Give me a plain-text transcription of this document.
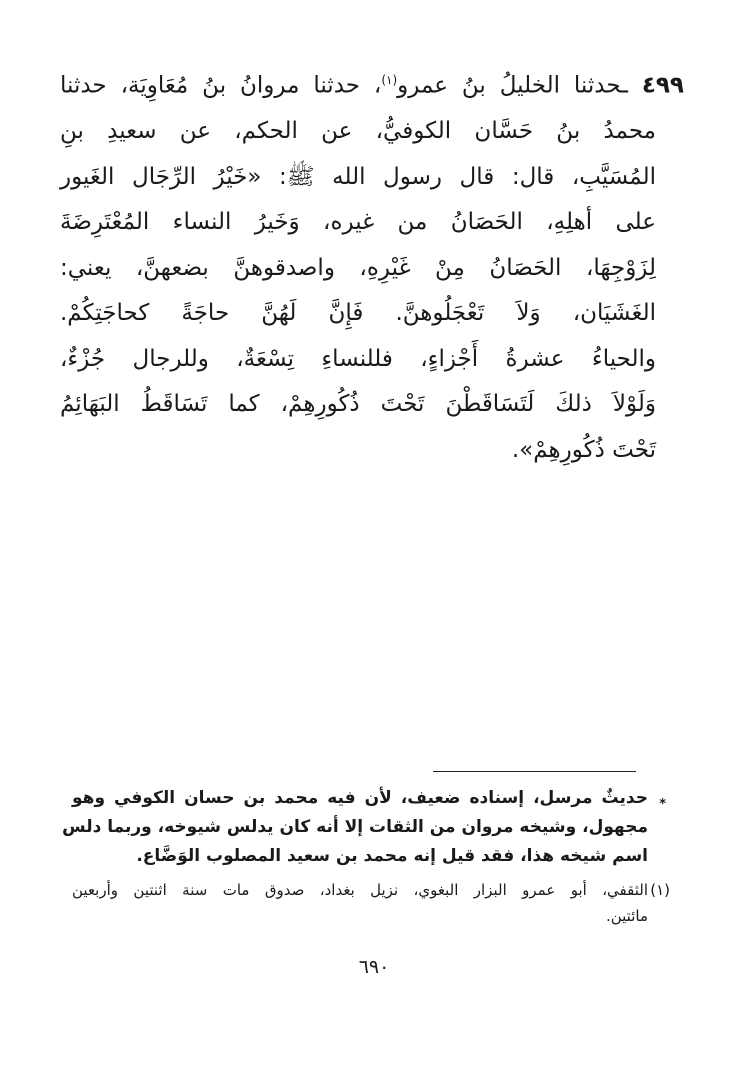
٤٩٩ ـحدثنا الخليلُ بنُ عمرو$^{(١)}$، حدثنا مروانُ بنُ مُعَاوِيَة، حدثنا
محمدُ بنُ حَسَّان الكوفيُّ، عن الحكم، عن سعيدِ بنِ
المُسَيَّبِ، قال: قال رسول الله ﷺ: «خَيْرُ الرِّجَال الغَيور
على أهلِهِ، الحَصَانُ من غيره، وَخَيرُ النساء المُعْتَرِضَةَ
لِزَوْجِهَا، الحَصَانُ مِنْ غَيْرِهِ، واصدقوهنَّ بضعهنَّ، يعني:
الغَشَيَان، وَلاَ تَعْجَلُوهنَّ. فَإِنَّ لَهُنَّ حاجَةً كحاجَتِكُمْ.
والحياءُ عشرةُ أَجْزاءٍ، فللنساءِ تِسْعَةٌ، وللرجال جُزْءٌ،
وَلَوْلاَ ذلكَ لَتَسَاقَطْنَ تَحْتَ ذُكُورِهِمْ، كما تَسَاقَطُ البَهَائِمُ
تَحْتَ ذُكُورِهِمْ».
*
حديثٌ مرسل، إسناده ضعيف، لأن فيه محمد بن حسان الكوفي وهو
مجهول، وشيخه مروان من الثقات إلا أنه كان يدلس شيوخه، وربما دلس
اسم شيخه هذا، فقد قيل إنه محمد بن سعيد المصلوب الوَضَّاع.
(١)
الثقفي، أبو عمرو البزار البغوي، نزيل بغداد، صدوق مات سنة اثنتين وأربعين
مائتين.
٦٩٠
